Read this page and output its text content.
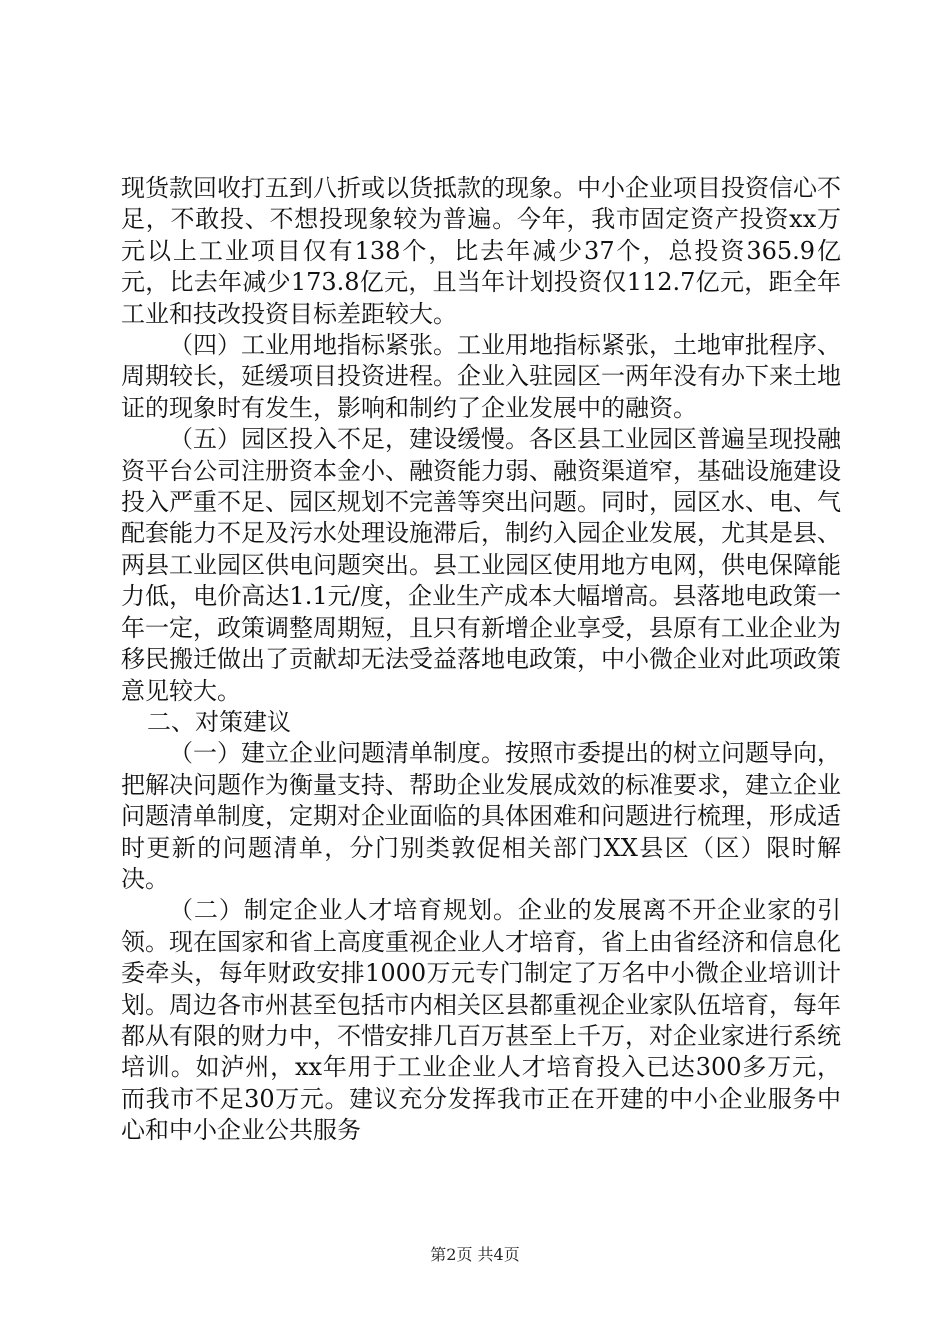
现货款回收打五到八折或以货抵款的现象。中小企业项目投资信心不足，不敢投、不想投现象较为普遍。今年，我市固定资产投资xx万元以上工业项目仅有138个，比去年减少37个，总投资365.9亿元，比去年减少173.8亿元，且当年计划投资仅112.7亿元，距全年工业和技改投资目标差距较大。

（四）工业用地指标紧张。工业用地指标紧张，土地审批程序、周期较长，延缓项目投资进程。企业入驻园区一两年没有办下来土地证的现象时有发生，影响和制约了企业发展中的融资。

（五）园区投入不足，建设缓慢。各区县工业园区普遍呈现投融资平台公司注册资本金小、融资能力弱、融资渠道窄，基础设施建设投入严重不足、园区规划不完善等突出问题。同时，园区水、电、气配套能力不足及污水处理设施滞后，制约入园企业发展，尤其是县、两县工业园区供电问题突出。县工业园区使用地方电网，供电保障能力低，电价高达1.1元/度，企业生产成本大幅增高。县落地电政策一年一定，政策调整周期短，且只有新增企业享受，县原有工业企业为移民搬迁做出了贡献却无法受益落地电政策，中小微企业对此项政策意见较大。

二、对策建议

（一）建立企业问题清单制度。按照市委提出的树立问题导向，把解决问题作为衡量支持、帮助企业发展成效的标准要求，建立企业问题清单制度，定期对企业面临的具体困难和问题进行梳理，形成适时更新的问题清单，分门别类敦促相关部门XX县区（区）限时解决。

（二）制定企业人才培育规划。企业的发展离不开企业家的引领。现在国家和省上高度重视企业人才培育，省上由省经济和信息化委牵头，每年财政安排1000万元专门制定了万名中小微企业培训计划。周边各市州甚至包括市内相关区县都重视企业家队伍培育，每年都从有限的财力中，不惜安排几百万甚至上千万，对企业家进行系统培训。如泸州，xx年用于工业企业人才培育投入已达300多万元，而我市不足30万元。建议充分发挥我市正在开建的中小企业服务中心和中小企业公共服务

第2页 共4页
